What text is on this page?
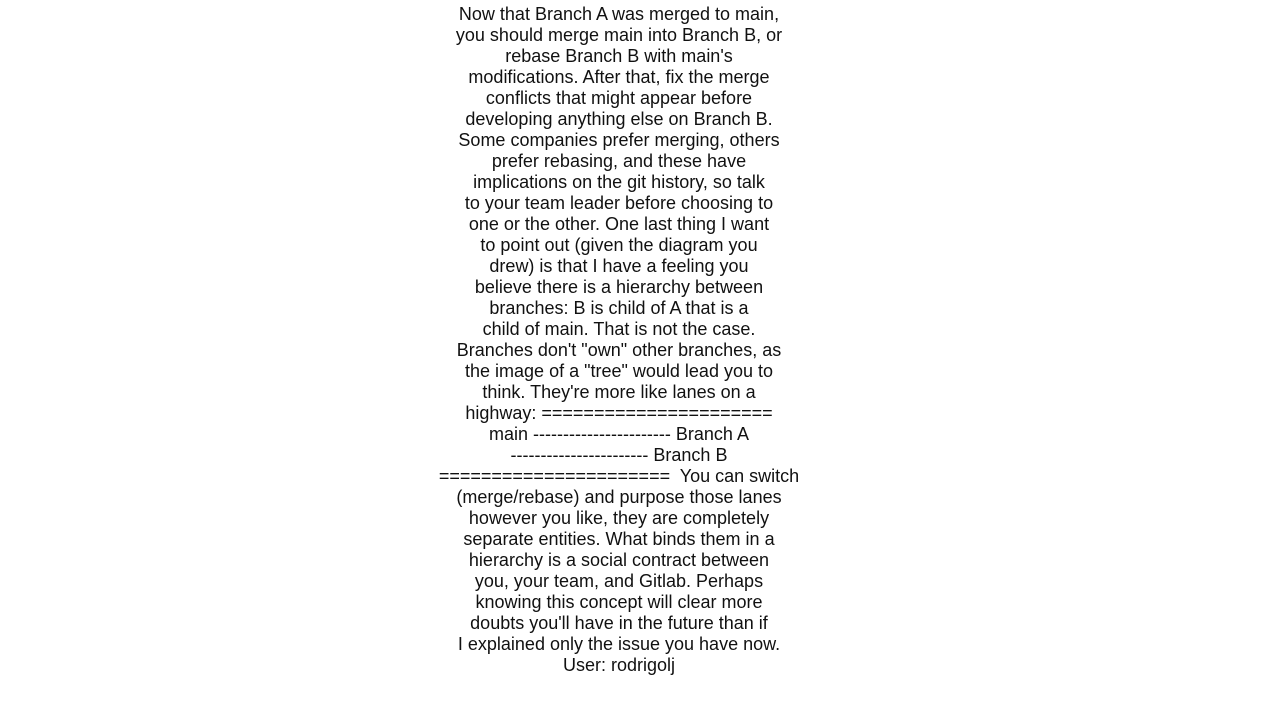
Now that Branch A was merged to main,
you should merge main into Branch B, or
rebase Branch B with main's
modifications. After that, fix the merge
conflicts that might appear before
developing anything else on Branch B.
Some companies prefer merging, others
prefer rebasing, and these have
implications on the git history, so talk
to your team leader before choosing to
one or the other. One last thing I want
to point out (given the diagram you
drew) is that I have a feeling you
believe there is a hierarchy between
branches: B is child of A that is a
child of main. That is not the case.
Branches don't "own" other branches, as
the image of a "tree" would lead you to
think. They're more like lanes on a
highway: ======================
main ----------------------- Branch A
----------------------- Branch B
======================  You can switch
(merge/rebase) and purpose those lanes
however you like, they are completely
separate entities. What binds them in a
hierarchy is a social contract between
you, your team, and Gitlab. Perhaps
knowing this concept will clear more
doubts you'll have in the future than if
I explained only the issue you have now.
User: rodrigolj
